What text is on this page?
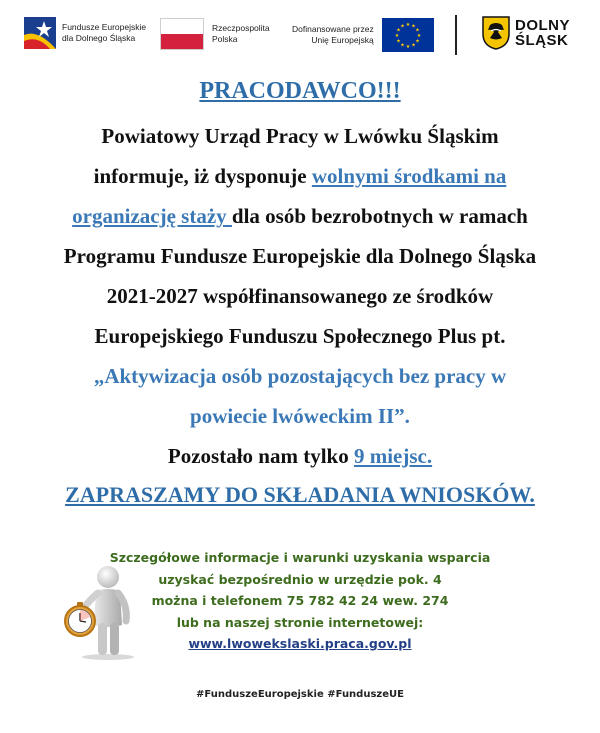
Fundusze Europejskie
dla Dolnego Śląska
Rzeczpospolita
Polska
Dofinansowane przez
Unię Europejską
★ ★
★
★
★
★
★
★
★
★
★
★	DOLNY
ŚLĄSK
PRACODAWCO!!!
Powiatowy Urząd Pracy w Lwówku Śląskim
informuje, iż dysponuje wolnymi środkami na
organizację staży dla osób bezrobotnych w ramach
Programu Fundusze Europejskie dla Dolnego Śląska
2021-2027 współfinansowanego ze środków
Europejskiego Funduszu Społecznego Plus pt.
„Aktywizacja osób pozostających bez pracy w
powiecie lwóweckim II”.
Pozostało nam tylko 9 miejsc.
ZAPRASZAMY DO SKŁADANIA WNIOSKÓW.
Szczegółowe informacje i warunki uzyskania wsparcia
uzyskać bezpośrednio w urzędzie pok. 4
można i telefonem 75 782 42 24 wew. 274
lub na naszej stronie internetowej:
www.lwowekslaski.praca.gov.pl
#FunduszeEuropejskie #FunduszeUE
